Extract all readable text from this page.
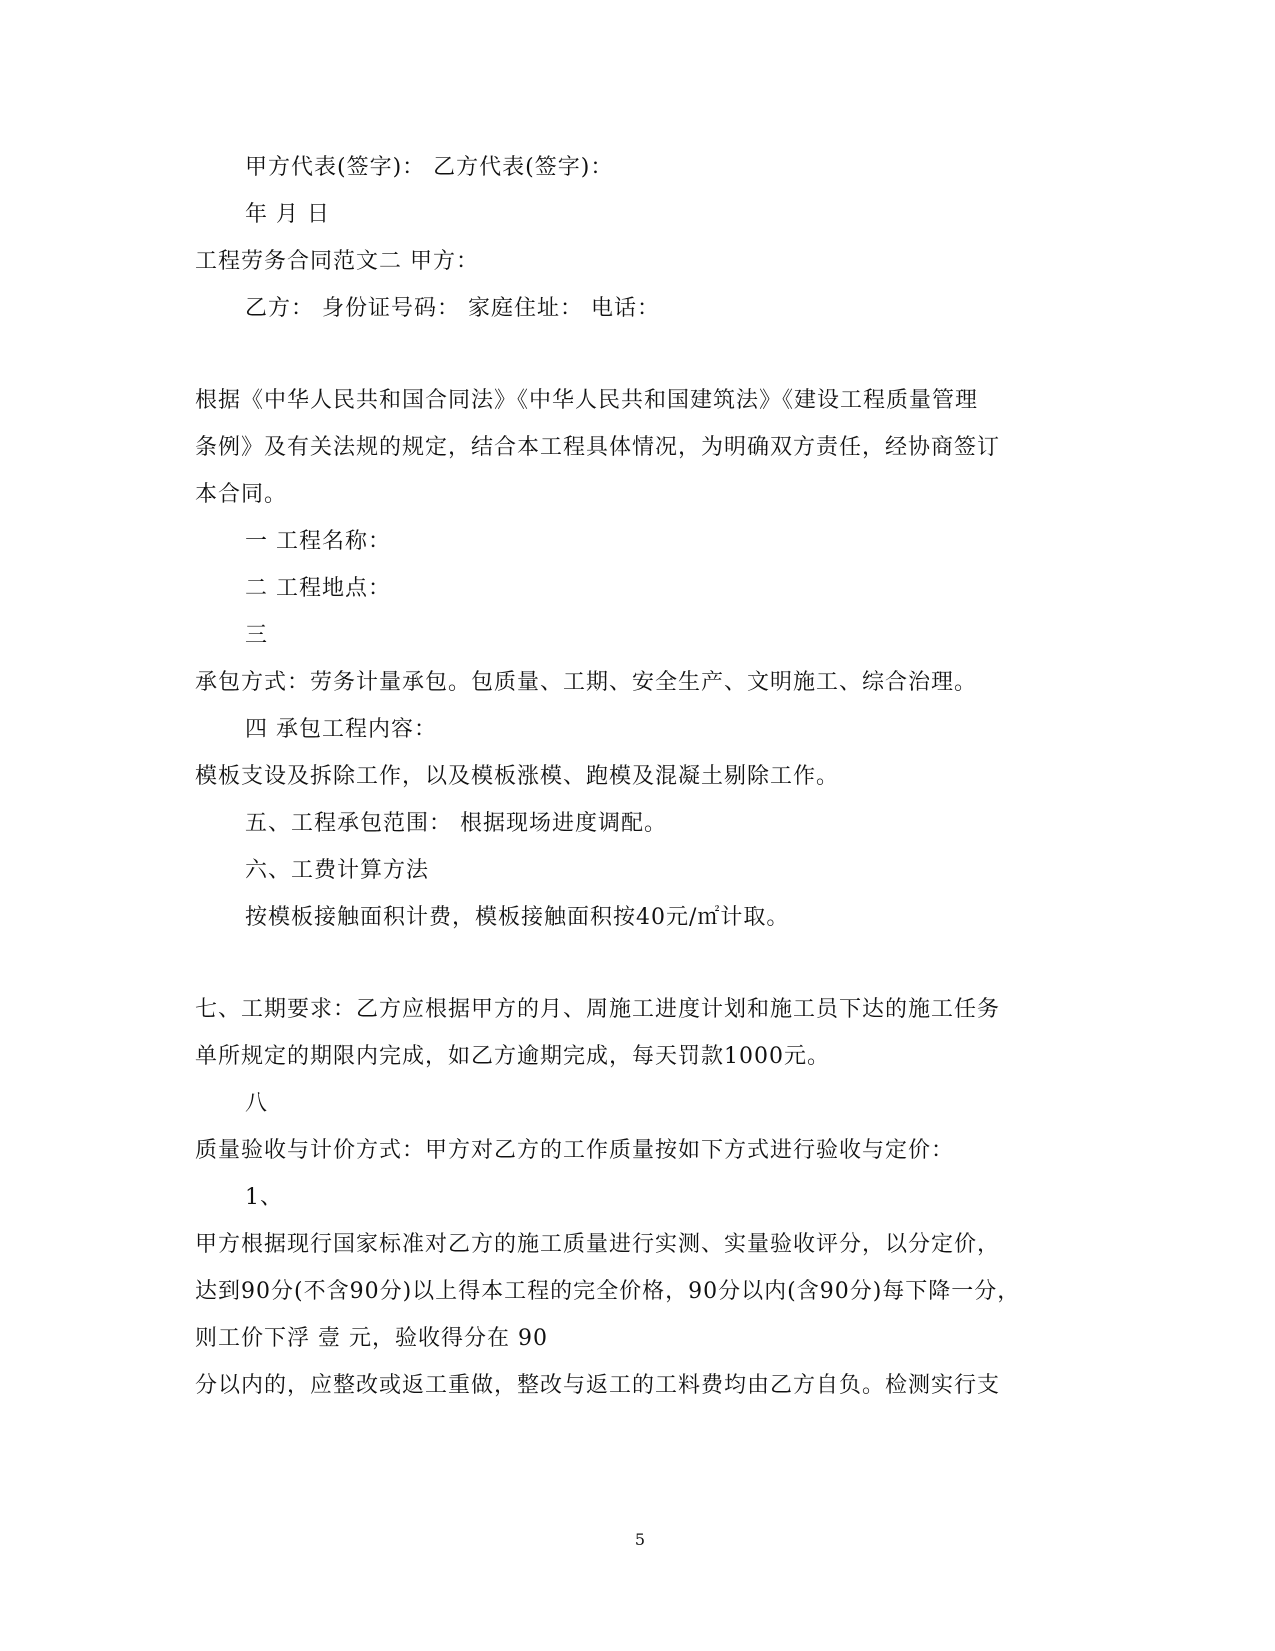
甲方代表(签字)： 乙方代表(签字)：
年 月 日
工程劳务合同范文二 甲方：
乙方： 身份证号码： 家庭住址： 电话：
根据《中华人民共和国合同法》《中华人民共和国建筑法》《建设工程质量管理
条例》及有关法规的规定，结合本工程具体情况，为明确双方责任，经协商签订
本合同。
一 工程名称：
二 工程地点：
三
承包方式：劳务计量承包。包质量、工期、安全生产、文明施工、综合治理。
四 承包工程内容：
模板支设及拆除工作，以及模板涨模、跑模及混凝土剔除工作。
五、工程承包范围： 根据现场进度调配。
六、工费计算方法
按模板接触面积计费，模板接触面积按40元/㎡计取。
七、工期要求：乙方应根据甲方的月、周施工进度计划和施工员下达的施工任务
单所规定的期限内完成，如乙方逾期完成，每天罚款1000元。
八
质量验收与计价方式：甲方对乙方的工作质量按如下方式进行验收与定价：
1、
甲方根据现行国家标准对乙方的施工质量进行实测、实量验收评分，以分定价，
达到90分(不含90分)以上得本工程的完全价格，90分以内(含90分)每下降一分，
则工价下浮 壹 元，验收得分在 90
分以内的，应整改或返工重做，整改与返工的工料费均由乙方自负。检测实行支
5
